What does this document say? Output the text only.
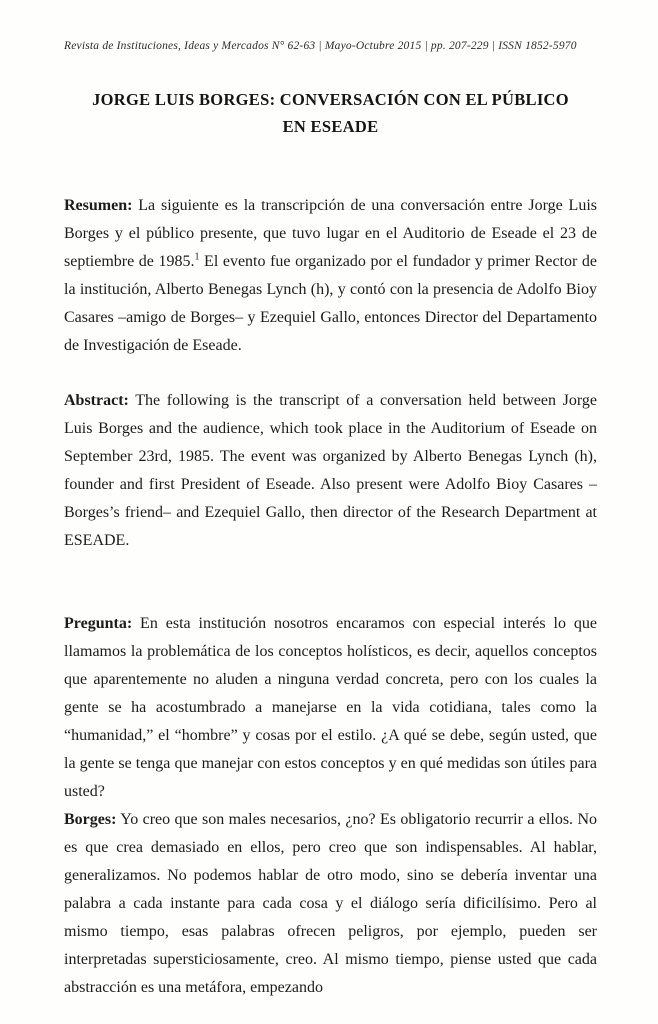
Revista de Instituciones, Ideas y Mercados N° 62-63 | Mayo-Octubre 2015 | pp. 207-229 | ISSN 1852-5970
JORGE LUIS BORGES: CONVERSACIÓN CON EL PÚBLICO
EN ESEADE

Resumen: La siguiente es la transcripción de una conversación entre Jorge Luis Borges y el público presente, que tuvo lugar en el Auditorio de Eseade el 23 de septiembre de 1985.$^1$ El evento fue organizado por el fundador y primer Rector de la institución, Alberto Benegas Lynch (h), y contó con la presencia de Adolfo Bioy Casares –amigo de Borges– y Ezequiel Gallo, entonces Director del Departamento de Investigación de Eseade.

Abstract: The following is the transcript of a conversation held between Jorge Luis Borges and the audience, which took place in the Auditorium of Eseade on September 23rd, 1985. The event was organized by Alberto Benegas Lynch (h), founder and first President of Eseade. Also present were Adolfo Bioy Casares –Borges’s friend– and Ezequiel Gallo, then director of the Research Department at ESEADE.

Pregunta: En esta institución nosotros encaramos con especial interés lo que llamamos la problemática de los conceptos holísticos, es decir, aquellos conceptos que aparentemente no aluden a ninguna verdad concreta, pero con los cuales la gente se ha acostumbrado a manejarse en la vida cotidiana, tales como la “humanidad,” el “hombre” y cosas por el estilo. ¿A qué se debe, según usted, que la gente se tenga que manejar con estos conceptos y en qué medidas son útiles para usted?

Borges: Yo creo que son males necesarios, ¿no? Es obligatorio recurrir a ellos. No es que crea demasiado en ellos, pero creo que son indispensables. Al hablar, generalizamos. No podemos hablar de otro modo, sino se debería inventar una palabra a cada instante para cada cosa y el diálogo sería dificilísimo. Pero al mismo tiempo, esas palabras ofrecen peligros, por ejemplo, pueden ser interpretadas supersticiosamente, creo. Al mismo tiempo, piense usted que cada abstracción es una metáfora, empezando
